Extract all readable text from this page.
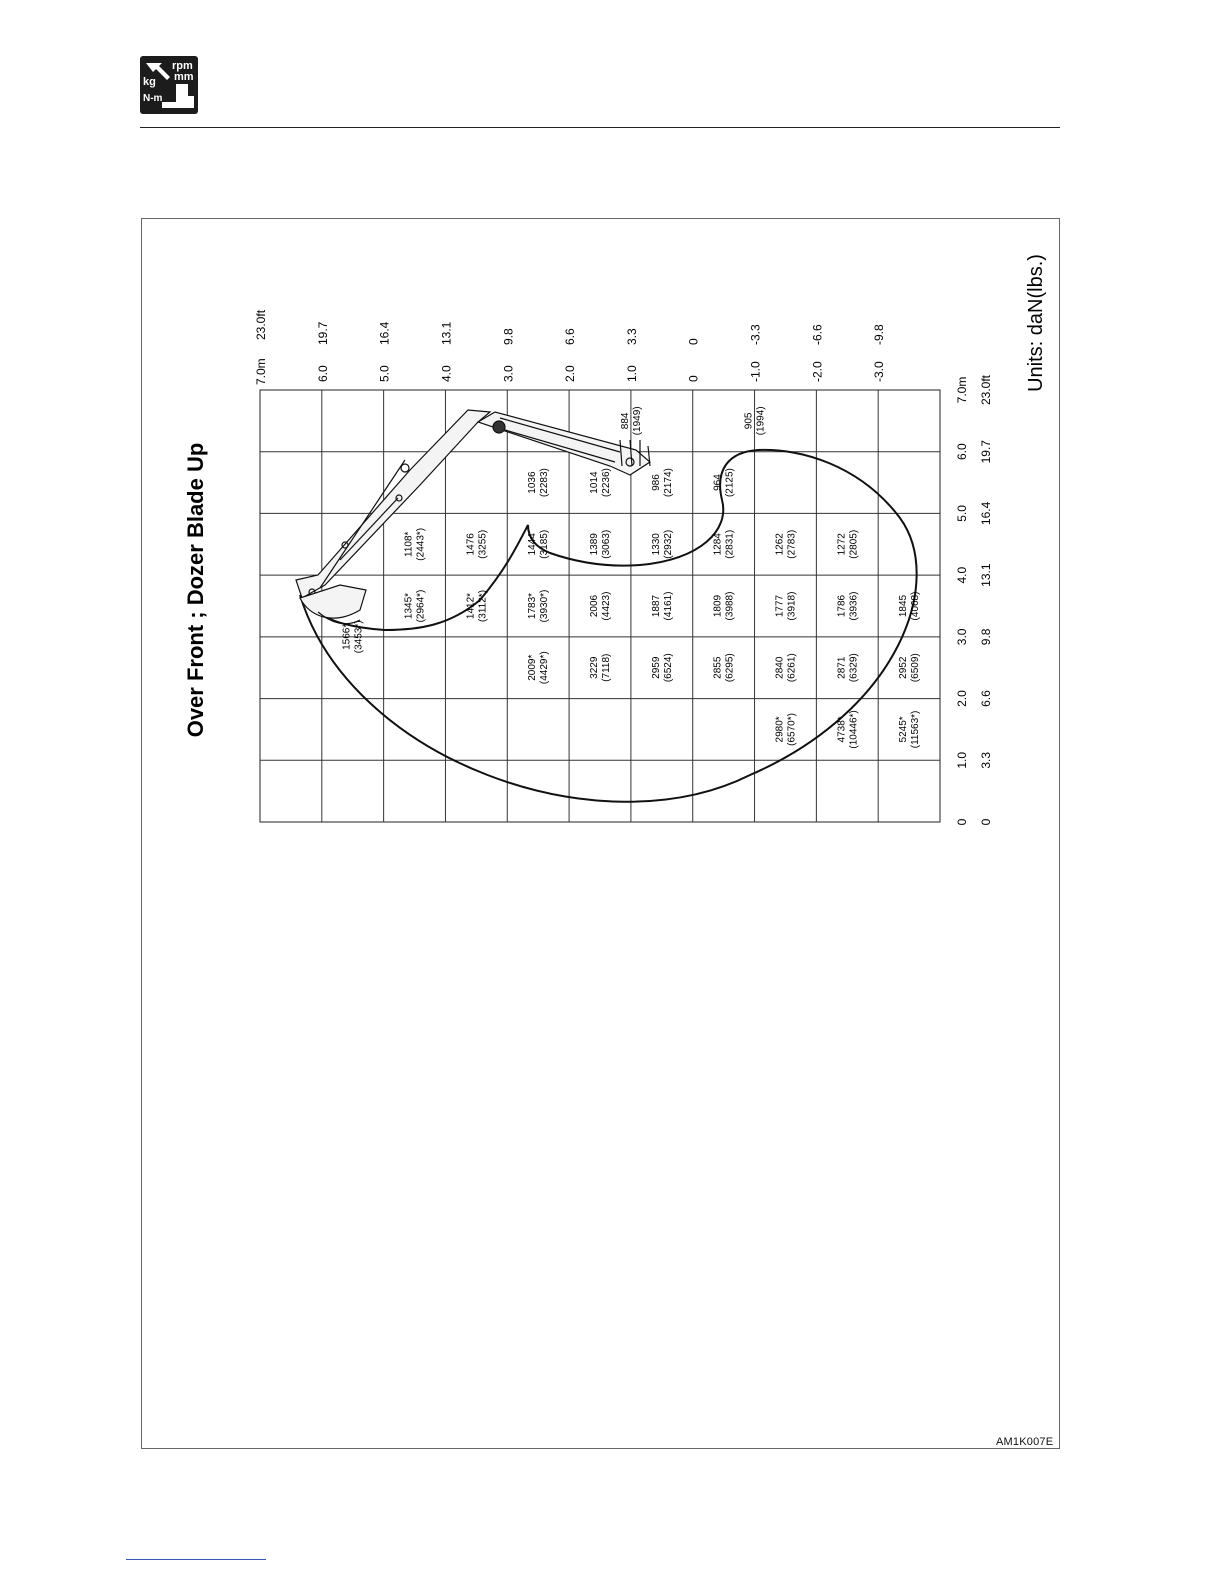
rpm
mm
kg
N-m
Over Front ; Dozer Blade Up
Units: daN(lbs.)
7.0m
23.0ft
6.0
19.7
5.0
16.4
4.0
13.1
3.0
9.8
2.0
6.6
1.0
3.3
0
0
-1.0
-3.3
-2.0
-6.6
-3.0
-9.8
0 0
1.0 3.3
2.0 6.6
3.0 9.8
4.0 13.1
5.0 16.4
6.0 19.7
7.0m 23.0ft
1566* (3453*)
1345* (2964*)
1108* (2443*)
1412* (3112*)
1476 (3255)
2009* (4429*)
1783* (3930*)
1444 (3185)
1036 (2283)
3229 (7118)
2006 (4423)
1389 (3063)
1014 (2236)
884 (1949)
2959 (6524)
1887 (4161)
1330 (2932)
986 (2174)
2855 (6295)
1809 (3988)
1284 (2831)
964 (2125)
905 (1994)
2980* (6570*)
2840 (6261)
1777 (3918)
1262 (2783)
4738* (10446*)
2871 (6329)
1786 (3936)
1272 (2805)
5245* (11563*)
2952 (6509)
1845 (4068)
AM1K007E
